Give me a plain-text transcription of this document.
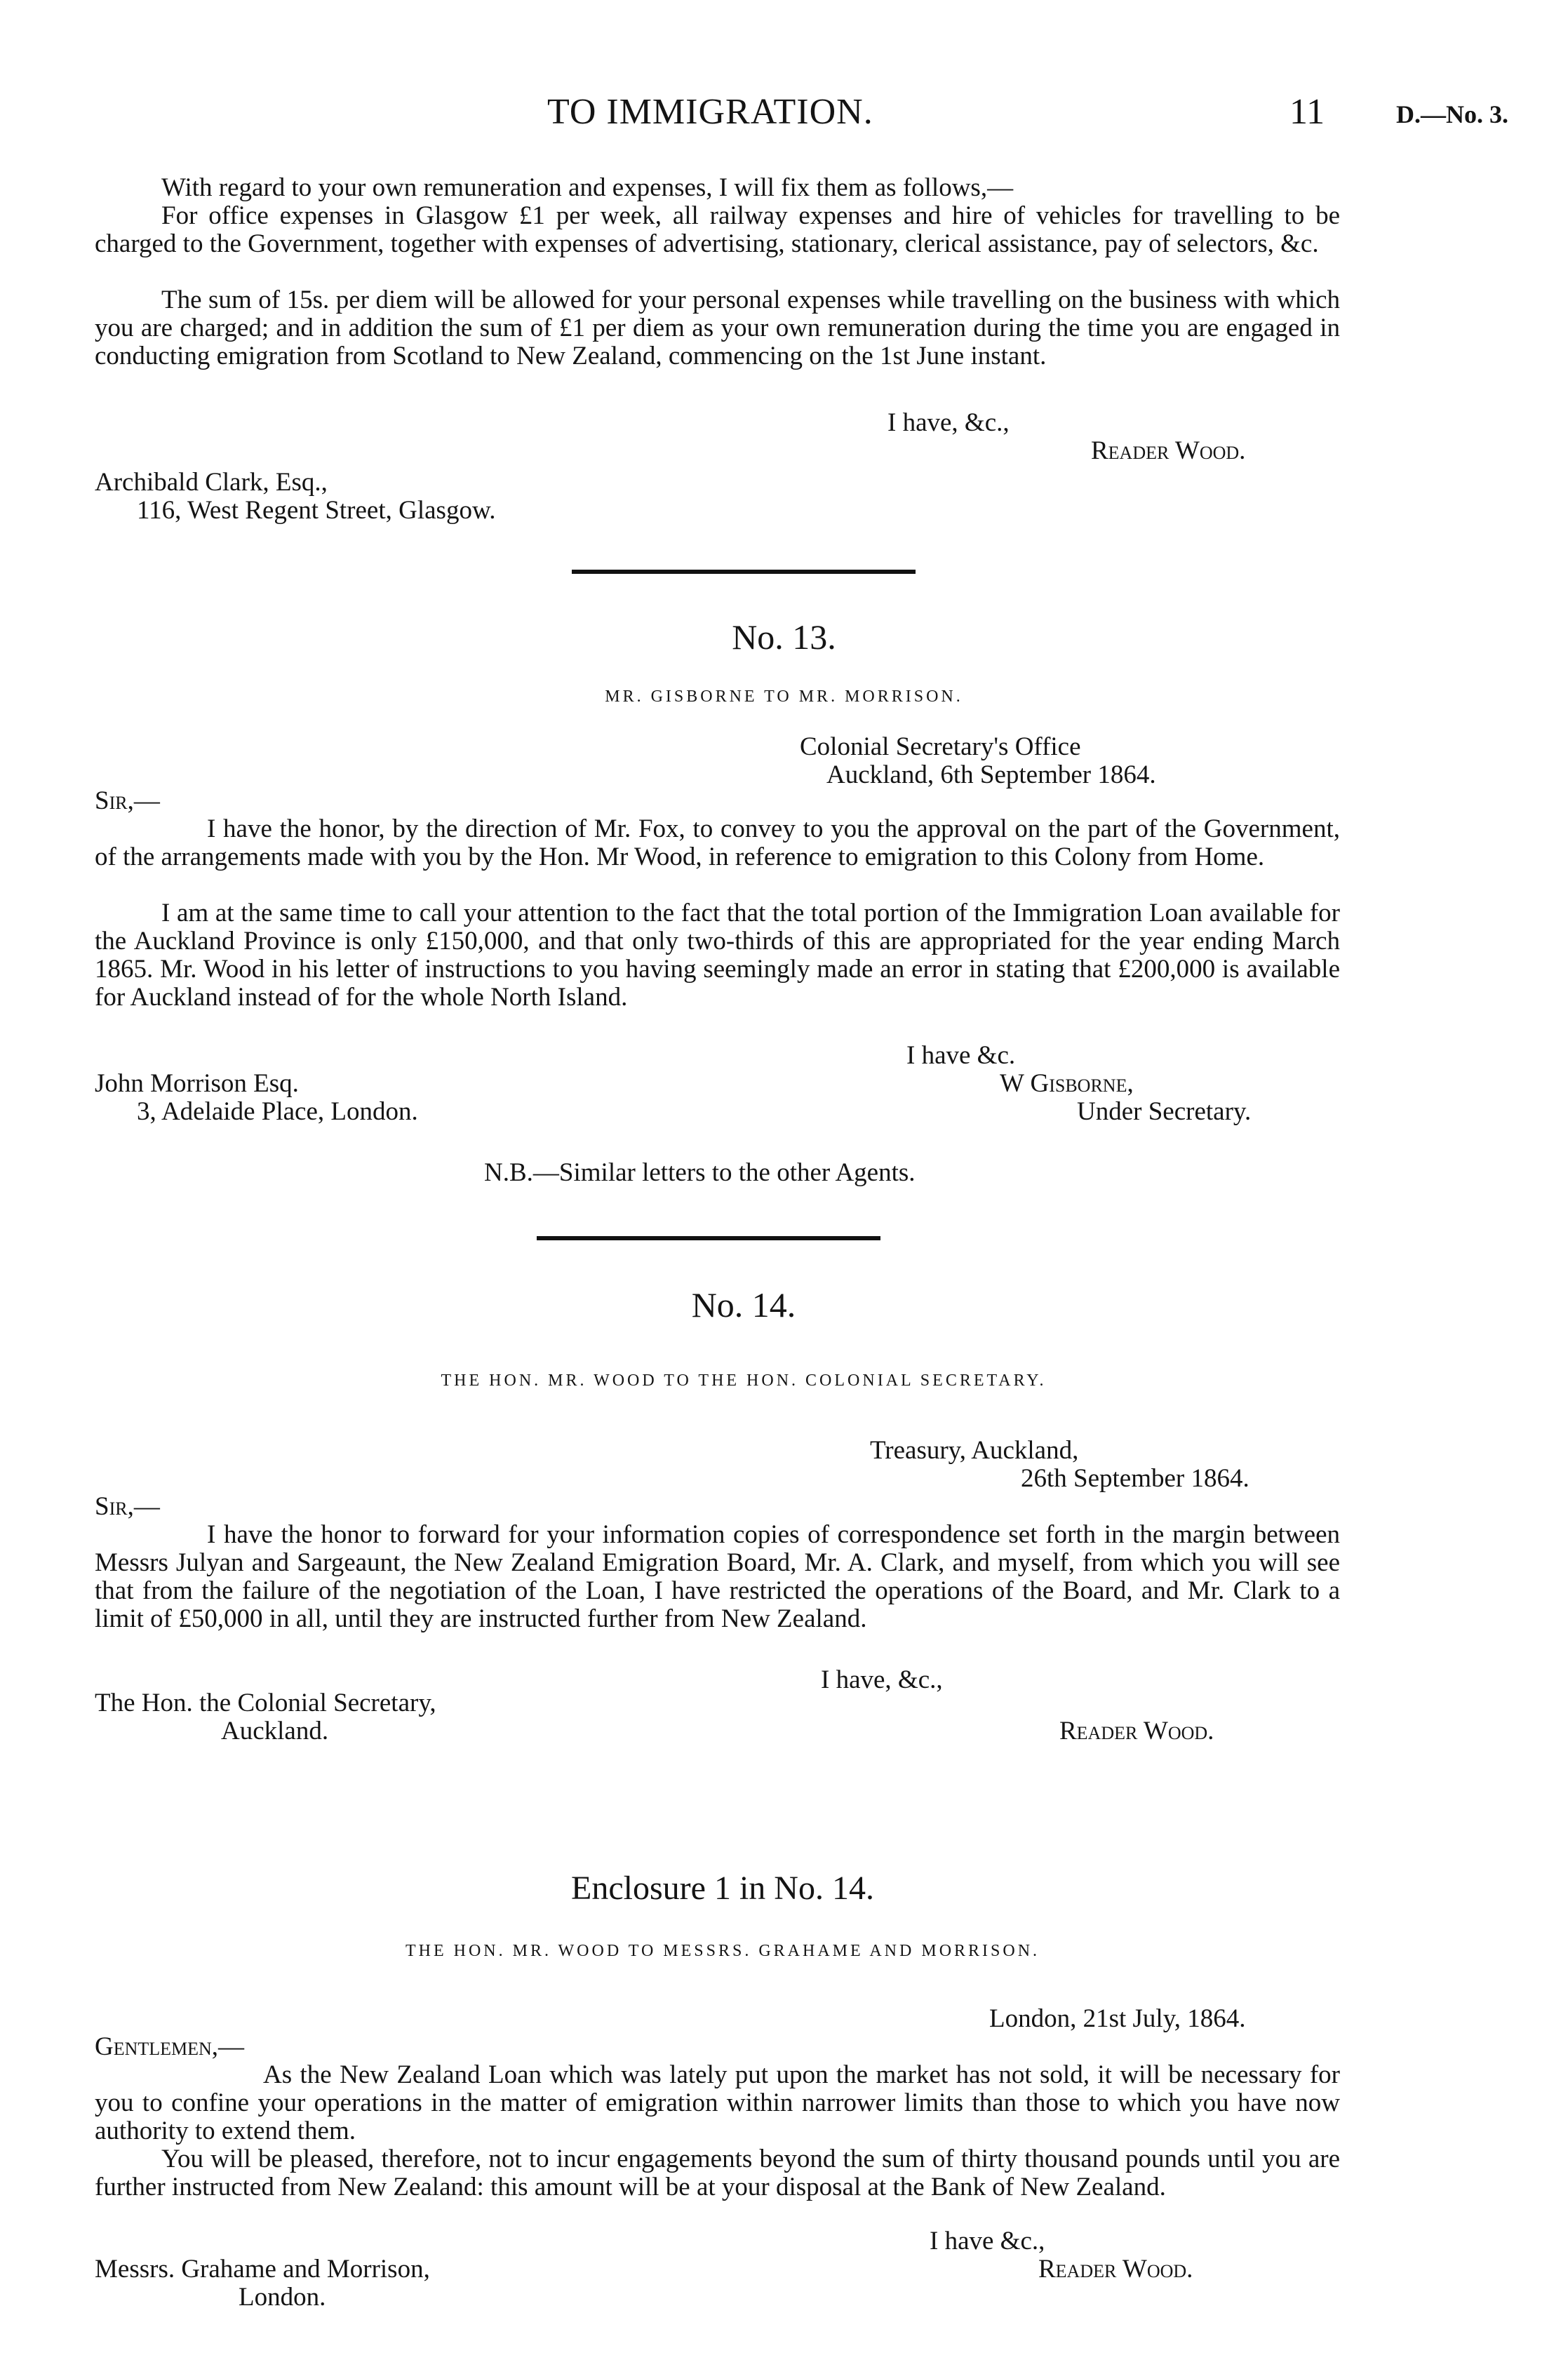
TO IMMIGRATION.	11	D.—No. 3.

With regard to your own remuneration and expenses, I will fix them as follows,—

For office expenses in Glasgow £1 per week, all railway expenses and hire of vehicles for travelling to be charged to the Government, together with expenses of advertising, stationary, clerical assistance, pay of selectors, &c.

The sum of 15s. per diem will be allowed for your personal expenses while travelling on the business with which you are charged; and in addition the sum of £1 per diem as your own remuneration during the time you are engaged in conducting emigration from Scotland to New Zealand, commencing on the 1st June instant.

I have, &c.,
Reader Wood.
Archibald Clark, Esq.,
116, West Regent Street, Glasgow.
No. 13.
MR. GISBORNE TO MR. MORRISON.
Colonial Secretary's Office
Auckland, 6th September 1864.
Sir,—

I have the honor, by the direction of Mr. Fox, to convey to you the approval on the part of the Government, of the arrangements made with you by the Hon. Mr Wood, in reference to emigration to this Colony from Home.

I am at the same time to call your attention to the fact that the total portion of the Immigration Loan available for the Auckland Province is only £150,000, and that only two-thirds of this are appropriated for the year ending March 1865. Mr. Wood in his letter of instructions to you having seemingly made an error in stating that £200,000 is available for Auckland instead of for the whole North Island.

I have &c.
John Morrison Esq.
3, Adelaide Place, London.
W Gisborne,
Under Secretary.
N.B.—Similar letters to the other Agents.
No. 14.
THE HON. MR. WOOD TO THE HON. COLONIAL SECRETARY.
Treasury, Auckland,
26th September 1864.
Sir,—

I have the honor to forward for your information copies of correspondence set forth in the margin between Messrs Julyan and Sargeaunt, the New Zealand Emigration Board, Mr. A. Clark, and myself, from which you will see that from the failure of the negotiation of the Loan, I have restricted the operations of the Board, and Mr. Clark to a limit of £50,000 in all, until they are instructed further from New Zealand.

I have, &c.,
The Hon. the Colonial Secretary,
Auckland.	Reader Wood.
Enclosure 1 in No. 14.
THE HON. MR. WOOD TO MESSRS. GRAHAME AND MORRISON.
London, 21st July, 1864.
Gentlemen,—

As the New Zealand Loan which was lately put upon the market has not sold, it will be necessary for you to confine your operations in the matter of emigration within narrower limits than those to which you have now authority to extend them.

You will be pleased, therefore, not to incur engagements beyond the sum of thirty thousand pounds until you are further instructed from New Zealand: this amount will be at your disposal at the Bank of New Zealand.

I have &c.,
Messrs. Grahame and Morrison,	Reader Wood.
London.
